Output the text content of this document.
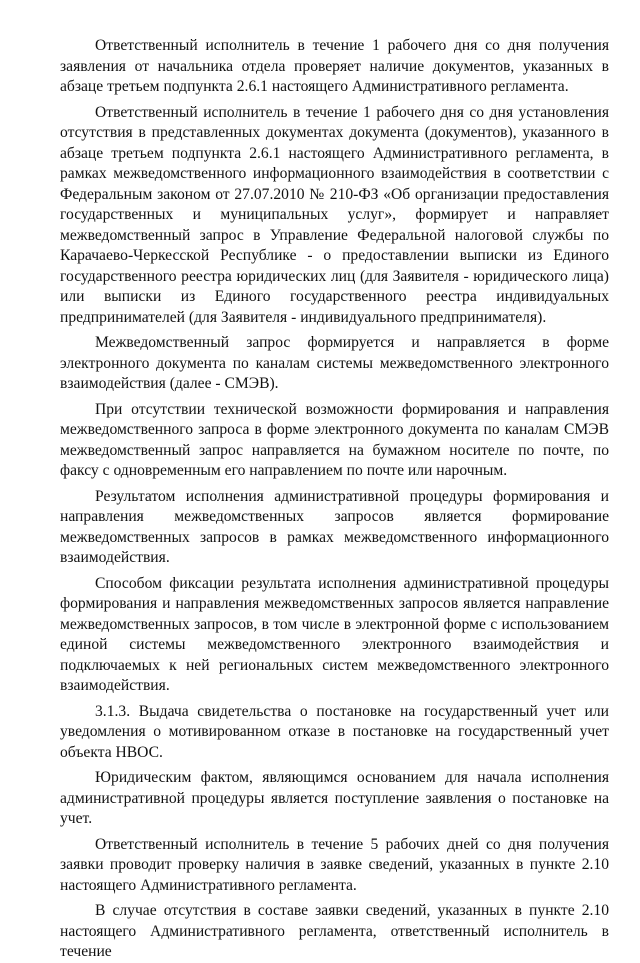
Ответственный исполнитель в течение 1 рабочего дня со дня получения заявления от начальника отдела проверяет наличие документов, указанных в абзаце третьем подпункта 2.6.1 настоящего Административного регламента.

Ответственный исполнитель в течение 1 рабочего дня со дня установления отсутствия в представленных документах документа (документов), указанного в абзаце третьем подпункта 2.6.1 настоящего Административного регламента, в рамках межведомственного информационного взаимодействия в соответствии с Федеральным законом от 27.07.2010 № 210-ФЗ «Об организации предоставления государственных и муниципальных услуг», формирует и направляет межведомственный запрос в Управление Федеральной налоговой службы по Карачаево-Черкесской Республике - о предоставлении выписки из Единого государственного реестра юридических лиц (для Заявителя - юридического лица) или выписки из Единого государственного реестра индивидуальных предпринимателей (для Заявителя - индивидуального предпринимателя).

Межведомственный запрос формируется и направляется в форме электронного документа по каналам системы межведомственного электронного взаимодействия (далее - СМЭВ).

При отсутствии технической возможности формирования и направления межведомственного запроса в форме электронного документа по каналам СМЭВ межведомственный запрос направляется на бумажном носителе по почте, по факсу с одновременным его направлением по почте или нарочным.

Результатом исполнения административной процедуры формирования и направления межведомственных запросов является формирование межведомственных запросов в рамках межведомственного информационного взаимодействия.

Способом фиксации результата исполнения административной процедуры формирования и направления межведомственных запросов является направление межведомственных запросов, в том числе в электронной форме с использованием единой системы межведомственного электронного взаимодействия и подключаемых к ней региональных систем межведомственного электронного взаимодействия.

3.1.3. Выдача свидетельства о постановке на государственный учет или уведомления о мотивированном отказе в постановке на государственный учет объекта НВОС.

Юридическим фактом, являющимся основанием для начала исполнения административной процедуры является поступление заявления о постановке на учет.

Ответственный исполнитель в течение 5 рабочих дней со дня получения заявки проводит проверку наличия в заявке сведений, указанных в пункте 2.10 настоящего Административного регламента.

В случае отсутствия в составе заявки сведений, указанных в пункте 2.10 настоящего Административного регламента, ответственный исполнитель в течение
